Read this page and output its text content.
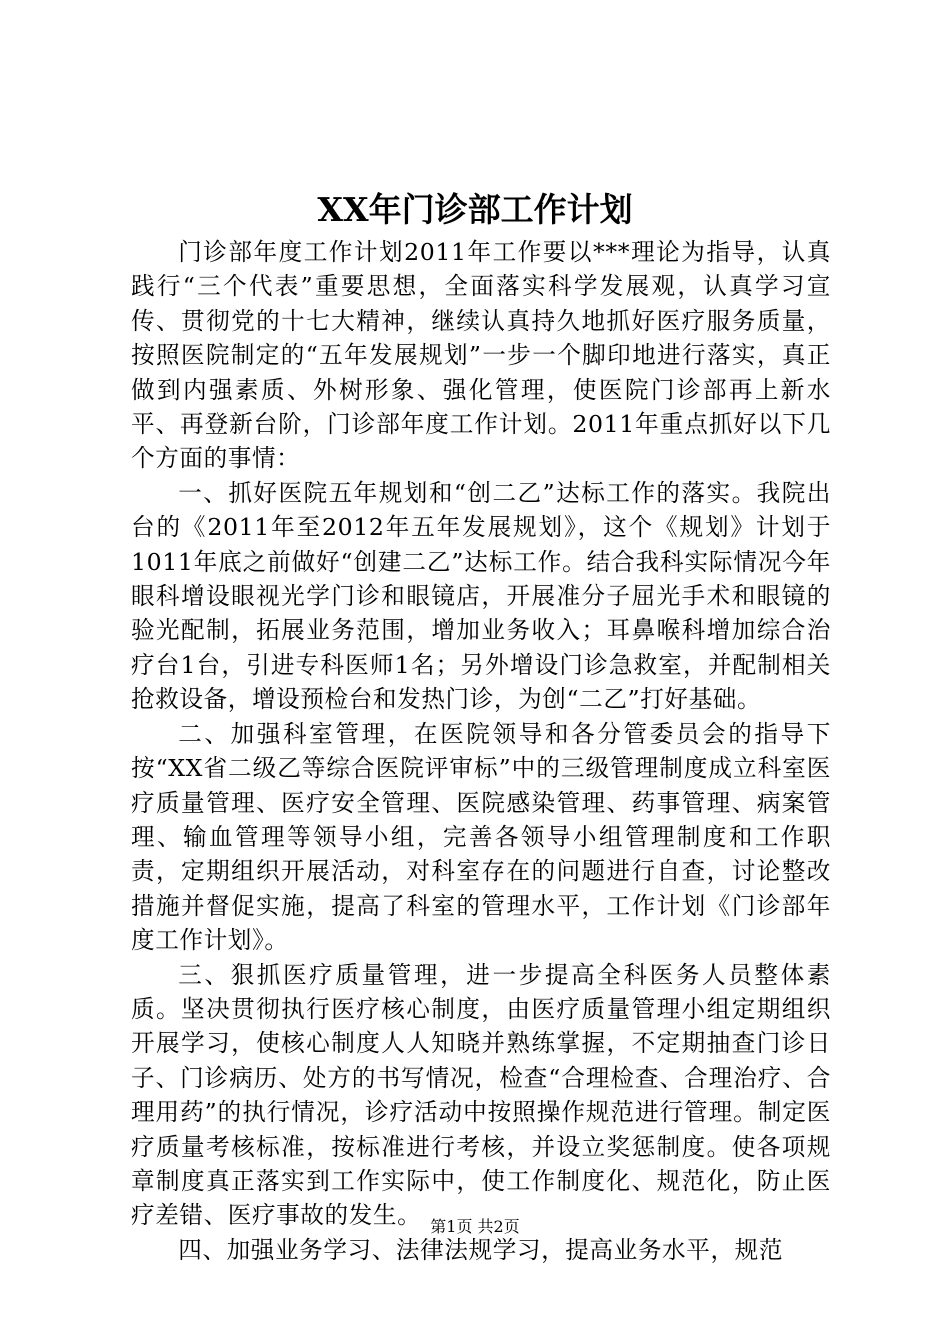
XX年门诊部工作计划

门诊部年度工作计划2011年工作要以***理论为指导，认真践行“三个代表”重要思想，全面落实科学发展观，认真学习宣传、贯彻党的十七大精神，继续认真持久地抓好医疗服务质量，按照医院制定的“五年发展规划”一步一个脚印地进行落实，真正做到内强素质、外树形象、强化管理，使医院门诊部再上新水平、再登新台阶，门诊部年度工作计划。2011年重点抓好以下几个方面的事情：

一、抓好医院五年规划和“创二乙”达标工作的落实。我院出台的《2011年至2012年五年发展规划》，这个《规划》计划于1011年底之前做好“创建二乙”达标工作。结合我科实际情况今年眼科增设眼视光学门诊和眼镜店，开展准分子屈光手术和眼镜的验光配制，拓展业务范围，增加业务收入；耳鼻喉科增加综合治疗台1台，引进专科医师1名；另外增设门诊急救室，并配制相关抢救设备，增设预检台和发热门诊，为创“二乙”打好基础。

二、加强科室管理，在医院领导和各分管委员会的指导下按“XX省二级乙等综合医院评审标”中的三级管理制度成立科室医疗质量管理、医疗安全管理、医院感染管理、药事管理、病案管理、输血管理等领导小组，完善各领导小组管理制度和工作职责，定期组织开展活动，对科室存在的问题进行自查，讨论整改措施并督促实施，提高了科室的管理水平，工作计划《门诊部年度工作计划》。

三、狠抓医疗质量管理，进一步提高全科医务人员整体素质。坚决贯彻执行医疗核心制度，由医疗质量管理小组定期组织开展学习，使核心制度人人知晓并熟练掌握，不定期抽查门诊日子、门诊病历、处方的书写情况，检查“合理检查、合理治疗、合理用药”的执行情况，诊疗活动中按照操作规范进行管理。制定医疗质量考核标准，按标准进行考核，并设立奖惩制度。使各项规章制度真正落实到工作实际中，使工作制度化、规范化，防止医疗差错、医疗事故的发生。

四、加强业务学习、法律法规学习，提高业务水平，规范

第1页 共2页
